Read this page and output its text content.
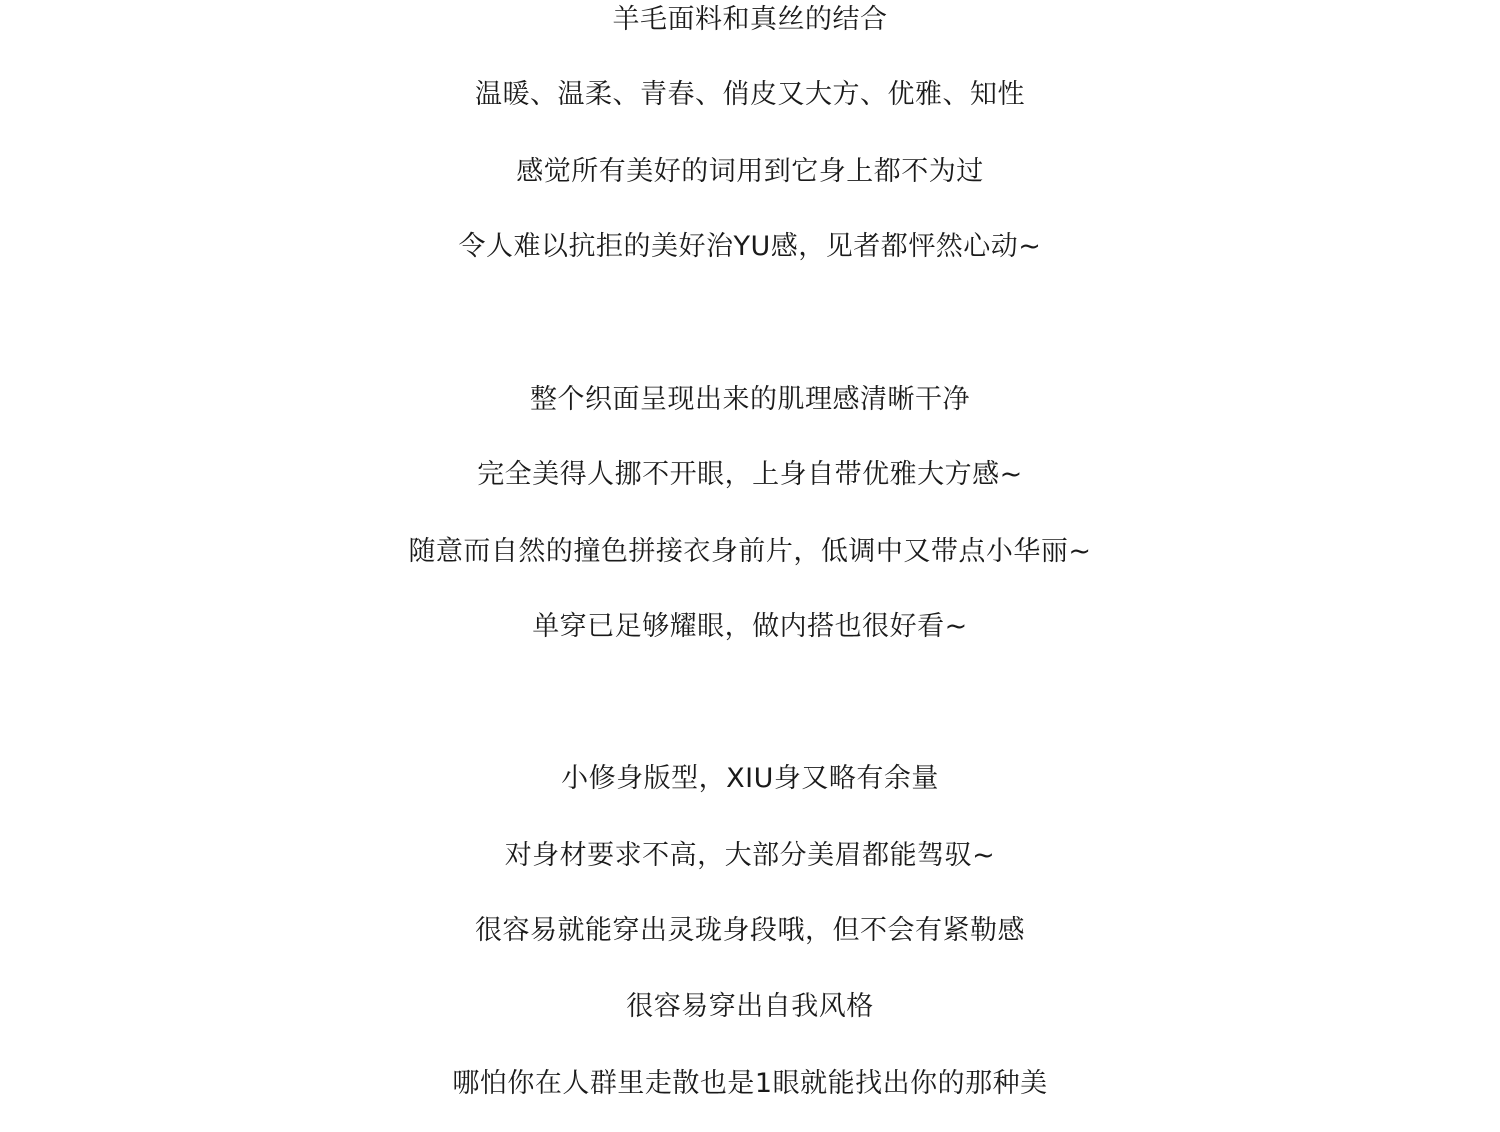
羊毛面料和真丝的结合
温暖、温柔、青春、俏皮又大方、优雅、知性
感觉所有美好的词用到它身上都不为过
令人难以抗拒的美好治YU感，见者都怦然心动~
整个织面呈现出来的肌理感清晰干净
完全美得人挪不开眼，上身自带优雅大方感~
随意而自然的撞色拼接衣身前片，低调中又带点小华丽~
单穿已足够耀眼，做内搭也很好看~
小修身版型，XIU身又略有余量
对身材要求不高，大部分美眉都能驾驭~
很容易就能穿出灵珑身段哦，但不会有紧勒感
很容易穿出自我风格
哪怕你在人群里走散也是1眼就能找出你的那种美
